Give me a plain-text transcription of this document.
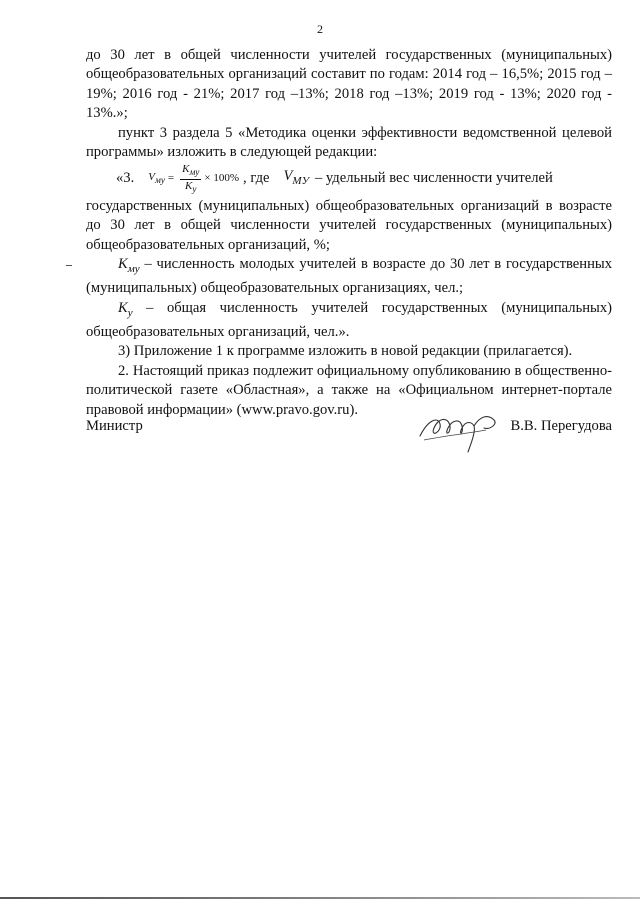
2

до 30 лет в общей численности учителей государственных (муниципальных) общеобразовательных организаций составит по годам: 2014 год – 16,5%; 2015 год – 19%; 2016 год - 21%; 2017 год –13%; 2018 год –13%; 2019 год - 13%; 2020 год - 13%.»;

пункт 3 раздела 5 «Методика оценки эффективности ведомственной целевой программы» изложить в следующей редакции:

«3. $V_{му} = \frac{K_{му}}{K_у} \times 100\%$ , где $V_{МУ}$ – удельный вес численности учителей

государственных (муниципальных) общеобразовательных организаций в возрасте до 30 лет в общей численности учителей государственных (муниципальных) общеобразовательных организаций, %;

$K_{му}$ – численность молодых учителей в возрасте до 30 лет в государственных (муниципальных) общеобразовательных организациях, чел.;

$K_у$ – общая численность учителей государственных (муниципальных) общеобразовательных организаций, чел.».

3) Приложение 1 к программе изложить в новой редакции (прилагается).

2. Настоящий приказ подлежит официальному опубликованию в общественно-политической газете «Областная», а также на «Официальном интернет-портале правовой информации» (www.pravo.gov.ru).

Министр	В.В. Перегудова
